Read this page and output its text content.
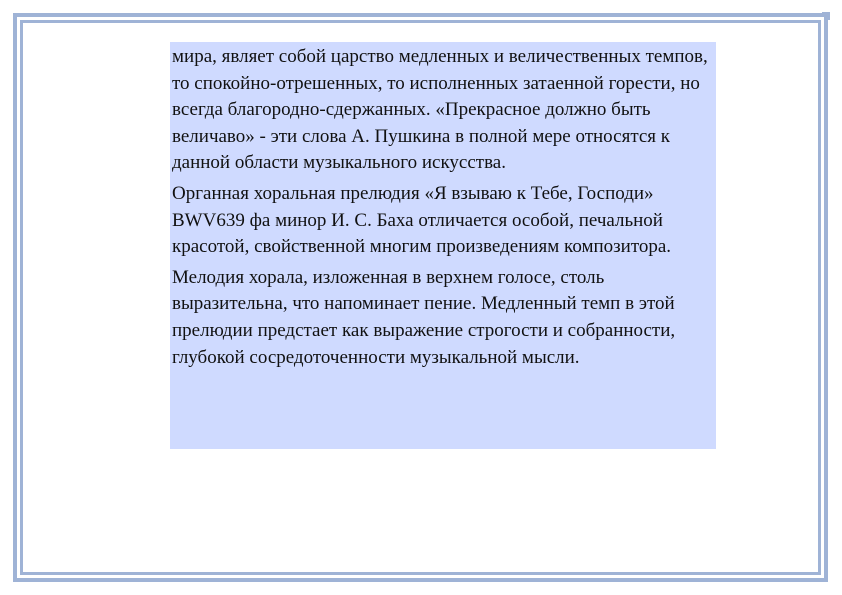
мира, являет собой царство медленных и величественных темпов, то спокойно-отрешенных, то исполненных затаенной горести, но всегда благородно-сдержанных. «Прекрасное должно быть величаво» - эти слова А. Пушкина в полной мере относятся к данной области музыкального искусства.

Органная хоральная прелюдия «Я взываю к Тебе, Господи» BWV639 фа минор И. С. Баха отличается особой, печальной красотой, свойственной многим произведениям композитора.

Мелодия хорала, изложенная в верхнем голосе, столь выразительна, что напоминает пение. Медленный темп в этой прелюдии предстает как выражение строгости и собранности, глубокой сосредоточенности музыкальной мысли.
